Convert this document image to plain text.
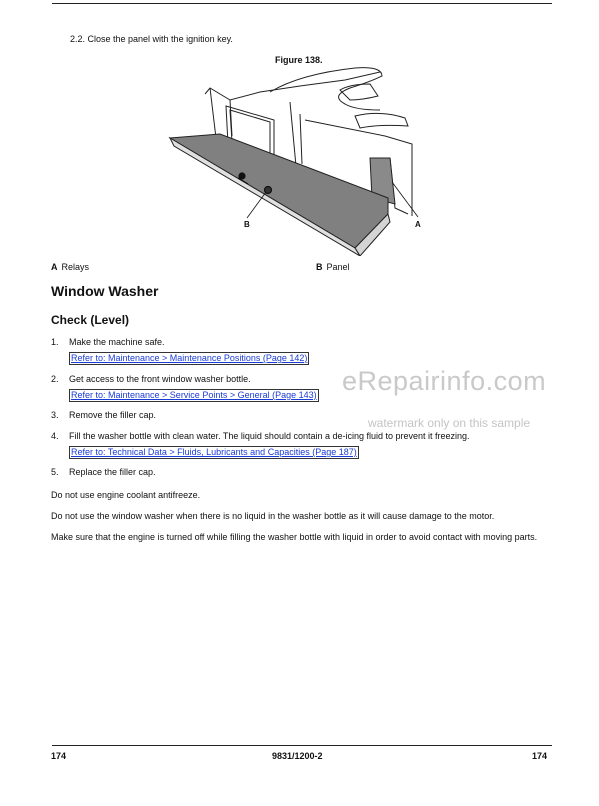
2.2. Close the panel with the ignition key.
Figure 138.
B	A
A Relays	B Panel
Window Washer
Check (Level)
1. Make the machine safe.
Refer to: Maintenance > Maintenance Positions (Page 142)
2. Get access to the front window washer bottle.
Refer to: Maintenance > Service Points > General (Page 143)
3. Remove the filler cap.
4. Fill the washer bottle with clean water. The liquid should contain a de-icing fluid to prevent it freezing.
Refer to: Technical Data > Fluids, Lubricants and Capacities (Page 187)
5. Replace the filler cap.
Do not use engine coolant antifreeze.
Do not use the window washer when there is no liquid in the washer bottle as it will cause damage to the motor.
Make sure that the engine is turned off while filling the washer bottle with liquid in order to avoid contact with moving parts.
eRepairinfo.com
watermark only on this sample
174	9831/1200-2	174
